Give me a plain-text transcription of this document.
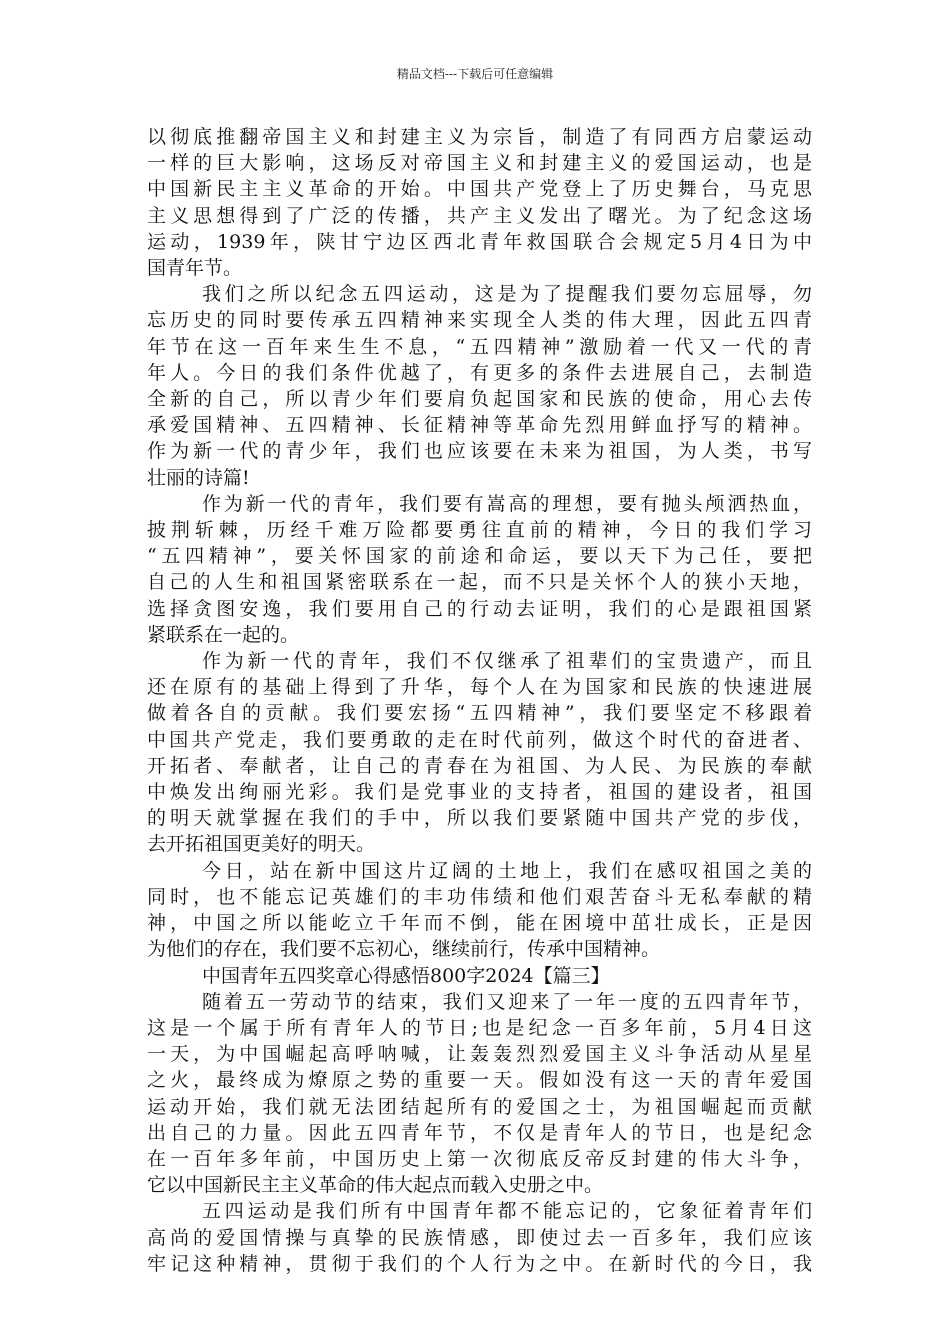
精品文档---下载后可任意编辑
以彻底推翻帝国主义和封建主义为宗旨，制造了有同西方启蒙运动
一样的巨大影响，这场反对帝国主义和封建主义的爱国运动，也是
中国新民主主义革命的开始。中国共产党登上了历史舞台，马克思
主义思想得到了广泛的传播，共产主义发出了曙光。为了纪念这场
运动，1939年，陕甘宁边区西北青年救国联合会规定5月4日为中
国青年节。
我们之所以纪念五四运动，这是为了提醒我们要勿忘屈辱，勿
忘历史的同时要传承五四精神来实现全人类的伟大理，因此五四青
年节在这一百年来生生不息，“五四精神”激励着一代又一代的青
年人。今日的我们条件优越了，有更多的条件去进展自己，去制造
全新的自己，所以青少年们要肩负起国家和民族的使命，用心去传
承爱国精神、五四精神、长征精神等革命先烈用鲜血抒写的精神。
作为新一代的青少年，我们也应该要在未来为祖国，为人类，书写
壮丽的诗篇!
作为新一代的青年，我们要有嵩高的理想，要有抛头颅洒热血，
披荆斩棘，历经千难万险都要勇往直前的精神，今日的我们学习
“五四精神”，要关怀国家的前途和命运，要以天下为己任，要把
自己的人生和祖国紧密联系在一起，而不只是关怀个人的狭小天地，
选择贪图安逸，我们要用自己的行动去证明，我们的心是跟祖国紧
紧联系在一起的。
作为新一代的青年，我们不仅继承了祖辈们的宝贵遗产，而且
还在原有的基础上得到了升华，每个人在为国家和民族的快速进展
做着各自的贡献。我们要宏扬“五四精神”，我们要坚定不移跟着
中国共产党走，我们要勇敢的走在时代前列，做这个时代的奋进者、
开拓者、奉献者，让自己的青春在为祖国、为人民、为民族的奉献
中焕发出绚丽光彩。我们是党事业的支持者，祖国的建设者，祖国
的明天就掌握在我们的手中，所以我们要紧随中国共产党的步伐，
去开拓祖国更美好的明天。
今日，站在新中国这片辽阔的土地上，我们在感叹祖国之美的
同时，也不能忘记英雄们的丰功伟绩和他们艰苦奋斗无私奉献的精
神，中国之所以能屹立千年而不倒，能在困境中茁壮成长，正是因
为他们的存在，我们要不忘初心，继续前行，传承中国精神。
中国青年五四奖章心得感悟800字2024【篇三】
随着五一劳动节的结束，我们又迎来了一年一度的五四青年节，
这是一个属于所有青年人的节日;也是纪念一百多年前，5月4日这
一天，为中国崛起高呼呐喊，让轰轰烈烈爱国主义斗争活动从星星
之火，最终成为燎原之势的重要一天。假如没有这一天的青年爱国
运动开始，我们就无法团结起所有的爱国之士，为祖国崛起而贡献
出自己的力量。因此五四青年节，不仅是青年人的节日，也是纪念
在一百年多年前，中国历史上第一次彻底反帝反封建的伟大斗争，
它以中国新民主主义革命的伟大起点而载入史册之中。
五四运动是我们所有中国青年都不能忘记的，它象征着青年们
高尚的爱国情操与真挚的民族情感，即使过去一百多年，我们应该
牢记这种精神，贯彻于我们的个人行为之中。在新时代的今日，我
